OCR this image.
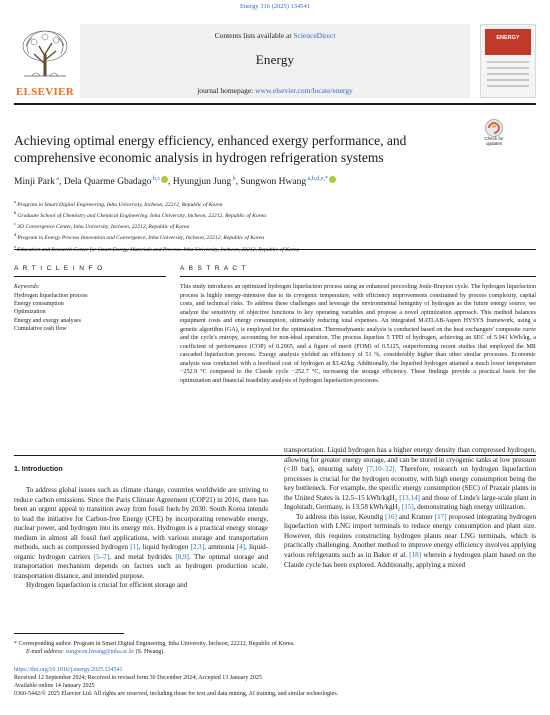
Energy 316 (2025) 134541
ELSEVIER
Contents lists available at ScienceDirect
Energy
journal homepage: www.elsevier.com/locate/energy
ENERGY
Check for updates
Achieving optimal energy efficiency, enhanced exergy performance, and comprehensive economic analysis in hydrogen refrigeration systems
Minji Park $^a$, Dela Quarme Gbadago $^{b,c}$ , Hyungjun Jung $^b$, Sungwon Hwang $^{a,b,d,e,*}$
$^a$ Program in Smart Digital Engineering, Inha University, Incheon, 22212, Republic of Korea
$^b$ Graduate School of Chemistry and Chemical Engineering, Inha University, Incheon, 22212, Republic of Korea
$^c$ 3D Convergence Center, Inha University, Incheon, 22212, Republic of Korea
$^d$ Program in Energy Process Innovation and Convergence, Inha University, Incheon, 22212, Republic of Korea
$^e$
A R T I C L E I N F O	A B S T R A C T
Keywords:
Hydrogen liquefaction process
Energy consumption
Optimization
Energy and exergy analyses
Cumulative cash flow
This study introduces an optimized hydrogen liquefaction process using an enhanced precooling Joule-Brayton cycle. The hydrogen liquefaction process is highly energy-intensive due to its cryogenic temperature, with efficiency improvements constrained by process complexity, capital costs, and technical risks. To address these challenges and leverage the environmental benignity of hydrogen as the future energy source, we analyze the sensitivity of objective functions to key operating variables and propose a novel optimization approach. This method balances equipment costs and energy consumption, ultimately reducing total expenses. An integrated MATLAB-Aspen HYSYS framework, using a genetic algorithm (GA), is employed for the optimization. Thermodynamic analysis is conducted based on the heat exchangers' composite curve and the cycle's entropy, accounting for non-ideal operation. The process liquefies 5 TPD of hydrogen, achieving an SEC of 5.941 kWh/kg, a coefficient of performance (COP) of 0.2065, and a figure of merit (FOM) of 0.5125, outperforming recent studies that employed the MR cascaded liquefaction process. Exergy analysis yielded an efficiency of 51 %, considerably higher than other similar processes. Economic analysis was conducted with a levelized cost of hydrogen at $3.42/kg. Additionally, the liquefied hydrogen attained a much lower temperature −252.9 °C compared to the Claude cycle −252.7 °C, increasing the storage efficiency. These findings provide a practical basis for the optimization and financial feasibility analysis of hydrogen liquefaction processes.
1. Introduction

To address global issues such as climate change, countries worldwide are striving to reduce carbon emissions. Since the Paris Climate Agreement (COP21) in 2016, there has been an urgent appeal to transition away from fossil fuels by 2030. South Korea intends to lead the initiative for Carbon-free Energy (CFE) by incorporating renewable energy, nuclear power, and hydrogen into its energy mix. Hydrogen is a practical energy storage medium in almost all fossil fuel applications, with various storage and transportation methods, such as compressed hydrogen [1], liquid hydrogen [2,3], ammonia [4], liquid-organic hydrogen carriers [5–7], and metal hydrides [8,9]. The optimal storage and transportation mechanism depends on factors such as hydrogen production scale, transportation distance, and intended purpose.

Hydrogen liquefaction is crucial for efficient storage and

transportation. Liquid hydrogen has a higher energy density than compressed hydrogen, allowing for greater energy storage, and can be stored in cryogenic tanks at low pressure (<10 bar), ensuring safety [7,10–12]. Therefore, research on hydrogen liquefaction processes is crucial for the hydrogen economy, with high energy consumption being the key bottleneck. For example, the specific energy consumption (SEC) of Praxair plants in the United States is 12.5–15 kWh/kgH₂ [13,14] and those of Linde's large-scale plant in Ingolstadt, Germany, is 13.58 kWh/kgH₂ [15], demonstrating high energy utilization.

To address this issue, Keundig [16] and Kramer [17] proposed integrating hydrogen liquefaction with LNG import terminals to reduce energy consumption and plant size. However, this requires constructing hydrogen plants near LNG terminals, which is practically challenging. Another method to improve energy efficiency involves applying various refrigerants such as in Baker et al. [18] wherein a hydrogen plant based on the Claude cycle has been explored. Additionally, applying a mixed

* Corresponding author. Program in Smart Digital Engineering, Inha University, Incheon, 22212, Republic of Korea.
E-mail address: sungwon.hwang@inha.ac.kr (S. Hwang).
https://doi.org/10.1016/j.energy.2025.134541
Received 12 September 2024; Received in revised form 30 December 2024; Accepted 13 January 2025
Available online 14 January 2025
0360-5442/© 2025 Elsevier Ltd. All rights are reserved, including those for text and data mining, AI training, and similar technologies.
